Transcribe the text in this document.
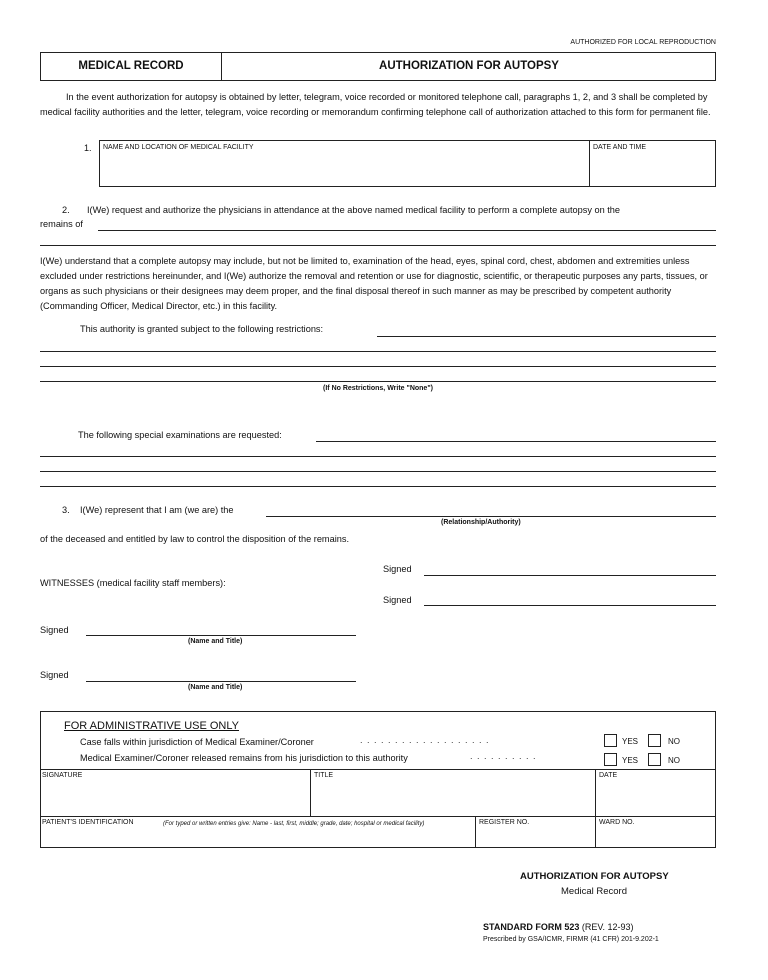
AUTHORIZED FOR LOCAL REPRODUCTION
MEDICAL RECORD	AUTHORIZATION FOR AUTOPSY
In the event authorization for autopsy is obtained by letter, telegram, voice recorded or monitored telephone call, paragraphs 1, 2, and 3 shall be completed by medical facility authorities and the letter, telegram, voice recording or memorandum confirming telephone call of authorization attached to this form for permanent file.
1. NAME AND LOCATION OF MEDICAL FACILITY	DATE AND TIME
2. I(We) request and authorize the physicians in attendance at the above named medical facility to perform a complete autopsy on the
remains of
I(We) understand that a complete autopsy may include, but not be limited to, examination of the head, eyes, spinal cord, chest, abdomen and extremities unless excluded under restrictions hereinunder, and I(We) authorize the removal and retention or use for diagnostic, scientific, or therapeutic purposes any parts, tissues, or organs as such physicians or their designees may deem proper, and the final disposal thereof in such manner as may be prescribed by competent authority (Commanding Officer, Medical Director, etc.) in this facility.
This authority is granted subject to the following restrictions:
(If No Restrictions, Write "None")
The following special examinations are requested:
3. I(We) represent that I am (we are) the
(Relationship/Authority)
of the deceased and entitled by law to control the disposition of the remains.
Signed
WITNESSES (medical facility staff members):
Signed
Signed
(Name and Title)
Signed
(Name and Title)
FOR ADMINISTRATIVE USE ONLY
Case falls within jurisdiction of Medical Examiner/Coroner	...................
Medical Examiner/Coroner released remains from his jurisdiction to this authority	..........
YES	NO
YES	NO
SIGNATURE	TITLE	DATE
PATIENT'S IDENTIFICATION	(For typed or written entries give: Name - last, first, middle; grade, date; hospital or medical facility)	REGISTER NO.	WARD NO.
AUTHORIZATION FOR AUTOPSY
Medical Record
STANDARD FORM 523 (REV. 12-93)
Prescribed by GSA/ICMR, FIRMR (41 CFR) 201-9.202-1
